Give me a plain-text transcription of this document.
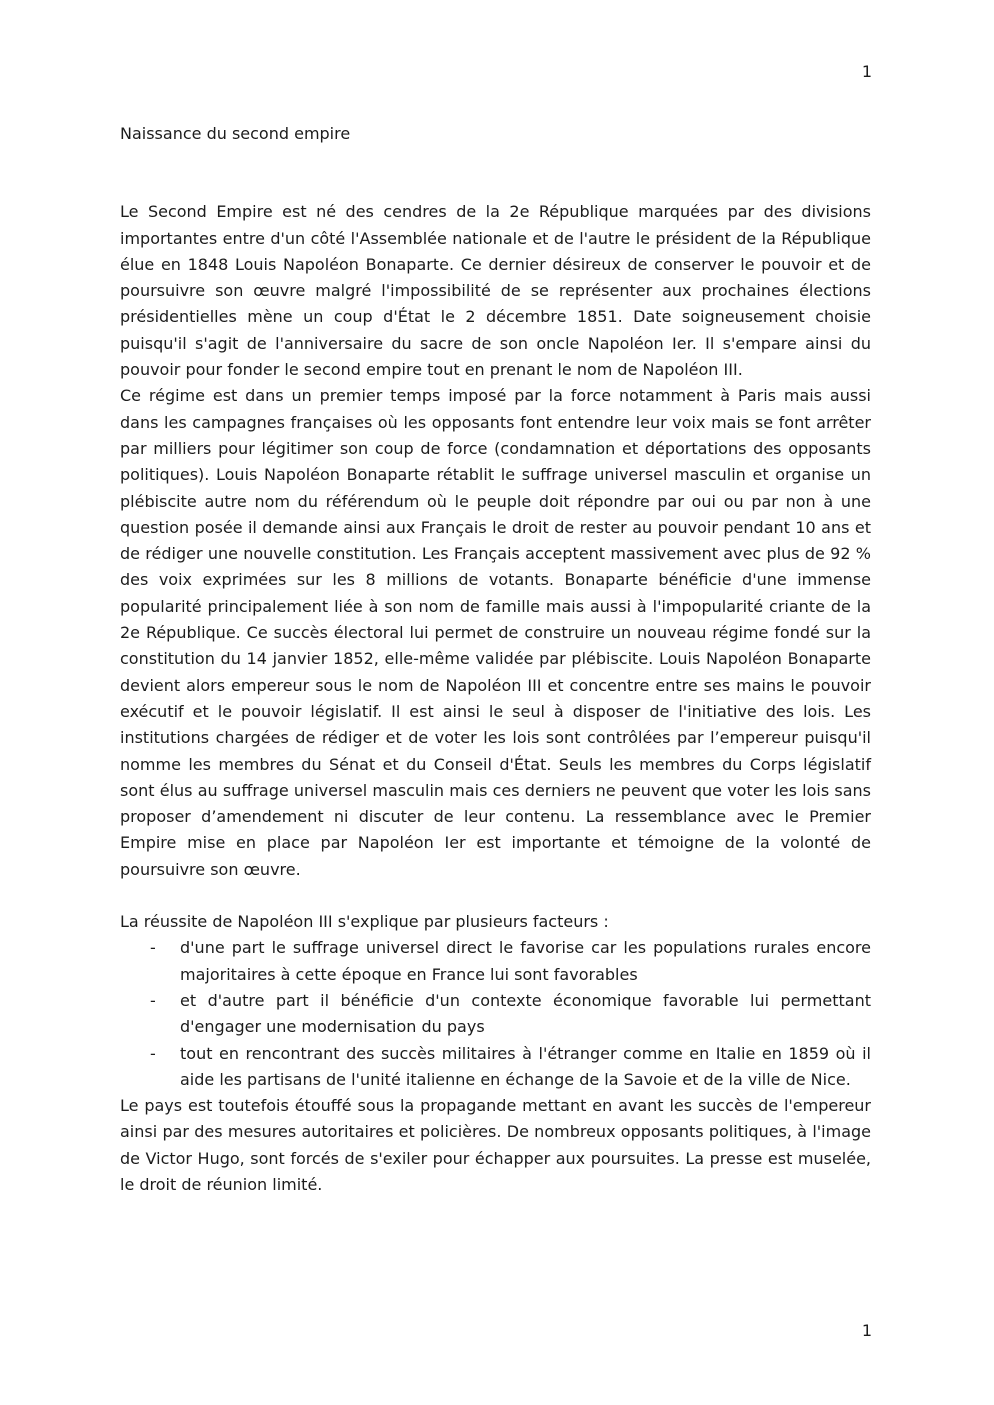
1
Naissance du second empire

Le Second Empire est né des cendres de la 2e République marquées par des divisions importantes entre d'un côté l'Assemblée nationale et de l'autre le président de la République élue en 1848 Louis Napoléon Bonaparte. Ce dernier désireux de conserver le pouvoir et de poursuivre son œuvre malgré l'impossibilité de se représenter aux prochaines élections présidentielles mène un coup d'État le 2 décembre 1851. Date soigneusement choisie puisqu'il s'agit de l'anniversaire du sacre de son oncle Napoléon Ier. Il s'empare ainsi du pouvoir pour fonder le second empire tout en prenant le nom de Napoléon III.

Ce régime est dans un premier temps imposé par la force notamment à Paris mais aussi dans les campagnes françaises où les opposants font entendre leur voix mais se font arrêter par milliers pour légitimer son coup de force (condamnation et déportations des opposants politiques). Louis Napoléon Bonaparte rétablit le suffrage universel masculin et organise un plébiscite autre nom du référendum où le peuple doit répondre par oui ou par non à une question posée il demande ainsi aux Français le droit de rester au pouvoir pendant 10 ans et de rédiger une nouvelle constitution. Les Français acceptent massivement avec plus de 92 % des voix exprimées sur les 8 millions de votants. Bonaparte bénéficie d'une immense popularité principalement liée à son nom de famille mais aussi à l'impopularité criante de la 2e République. Ce succès électoral lui permet de construire un nouveau régime fondé sur la constitution du 14 janvier 1852, elle-même validée par plébiscite. Louis Napoléon Bonaparte devient alors empereur sous le nom de Napoléon III et concentre entre ses mains le pouvoir exécutif et le pouvoir législatif. Il est ainsi le seul à disposer de l'initiative des lois. Les institutions chargées de rédiger et de voter les lois sont contrôlées par l’empereur puisqu'il nomme les membres du Sénat et du Conseil d'État. Seuls les membres du Corps législatif sont élus au suffrage universel masculin mais ces derniers ne peuvent que voter les lois sans proposer d’amendement ni discuter de leur contenu. La ressemblance avec le Premier Empire mise en place par Napoléon Ier est importante et témoigne de la volonté de poursuivre son œuvre.

La réussite de Napoléon III s'explique par plusieurs facteurs :

- d'une part le suffrage universel direct le favorise car les populations rurales encore majoritaires à cette époque en France lui sont favorables
- et d'autre part il bénéficie d'un contexte économique favorable lui permettant d'engager une modernisation du pays
- tout en rencontrant des succès militaires à l'étranger comme en Italie en 1859 où il aide les partisans de l'unité italienne en échange de la Savoie et de la ville de Nice.

Le pays est toutefois étouffé sous la propagande mettant en avant les succès de l'empereur ainsi par des mesures autoritaires et policières. De nombreux opposants politiques, à l'image de Victor Hugo, sont forcés de s'exiler pour échapper aux poursuites. La presse est muselée, le droit de réunion limité.

1
